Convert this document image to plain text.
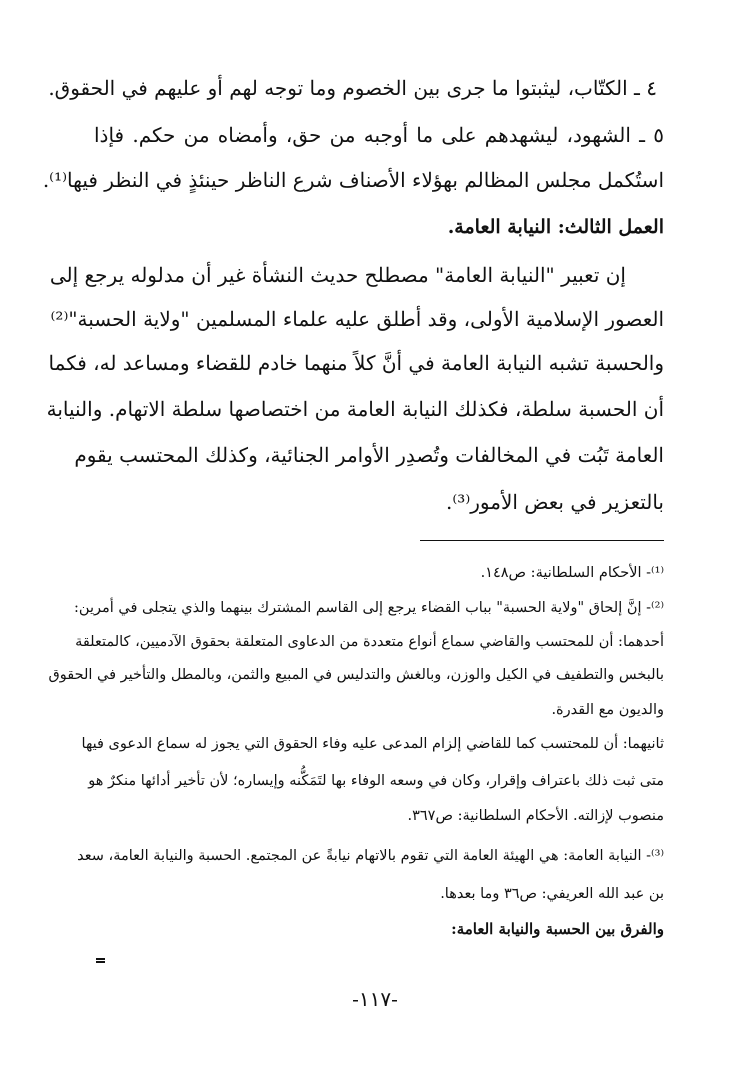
٤ ـ الكتّاب، ليثبتوا ما جرى بين الخصوم وما توجه لهم أو عليهم في الحقوق.
٥ ـ الشهود، ليشهدهم على ما أوجبه من حق، وأمضاه من حكم. فإذا
استُكمل مجلس المظالم بهؤلاء الأصناف شرع الناظر حينئذٍ في النظر فيها⁽¹⁾.
العمل الثالث: النيابة العامة.
إن تعبير "النيابة العامة" مصطلح حديث النشأة غير أن مدلوله يرجع إلى
العصور الإسلامية الأولى، وقد أطلق عليه علماء المسلمين "ولاية الحسبة"⁽²⁾
والحسبة تشبه النيابة العامة في أنَّ كلاً منهما خادم للقضاء ومساعد له، فكما
أن الحسبة سلطة، فكذلك النيابة العامة من اختصاصها سلطة الاتهام. والنيابة
العامة تَبُت في المخالفات وتُصدِر الأوامر الجنائية، وكذلك المحتسب يقوم
بالتعزير في بعض الأمور⁽³⁾.
⁽¹⁾- الأحكام السلطانية: ص١٤٨.
⁽²⁾- إنَّ إلحاق "ولاية الحسبة" بباب القضاء يرجع إلى القاسم المشترك بينهما والذي يتجلى في أمرين:
أحدهما: أن للمحتسب والقاضي سماع أنواع متعددة من الدعاوى المتعلقة بحقوق الآدميين، كالمتعلقة
بالبخس والتطفيف في الكيل والوزن، وبالغش والتدليس في المبيع والثمن، وبالمطل والتأخير في الحقوق
والديون مع القدرة.
ثانيهما: أن للمحتسب كما للقاضي إلزام المدعى عليه وفاء الحقوق التي يجوز له سماع الدعوى فيها
متى ثبت ذلك باعتراف وإقرار، وكان في وسعه الوفاء بها لتَمَكُّنه وإيساره؛ لأن تأخير أدائها منكرٌ هو
منصوب لإزالته. الأحكام السلطانية: ص٣٦٧.
⁽³⁾- النيابة العامة: هي الهيئة العامة التي تقوم بالاتهام نيابةً عن المجتمع. الحسبة والنيابة العامة، سعد
بن عبد الله العريفي: ص٣٦ وما بعدها.
والفرق بين الحسبة والنيابة العامة:
-١١٧-
